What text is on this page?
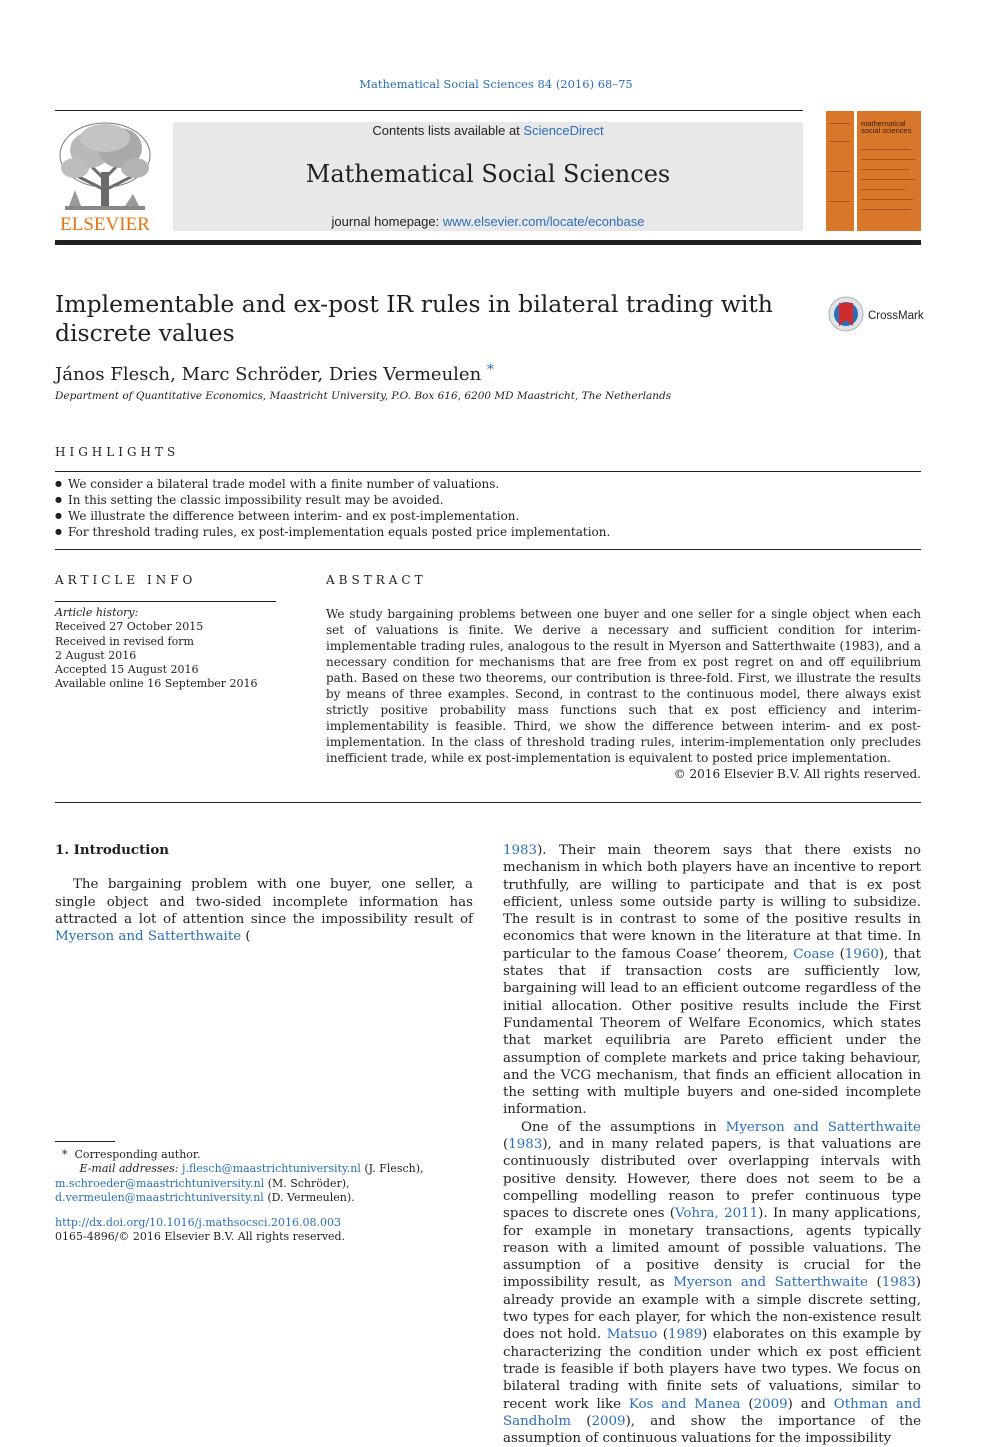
Mathematical Social Sciences 84 (2016) 68–75
ELSEVIER
Contents lists available at ScienceDirect
Mathematical Social Sciences
journal homepage: www.elsevier.com/locate/econbase
mathematical social sciences
Implementable and ex-post IR rules in bilateral trading with discrete values
CrossMark
János Flesch, Marc Schröder, Dries Vermeulen *
Department of Quantitative Economics, Maastricht University, P.O. Box 616, 6200 MD Maastricht, The Netherlands
HIGHLIGHTS
● We consider a bilateral trade model with a finite number of valuations.
● In this setting the classic impossibility result may be avoided.
● We illustrate the difference between interim- and ex post-implementation.
● For threshold trading rules, ex post-implementation equals posted price implementation.
ARTICLE INFO
Article history:
Received 27 October 2015
Received in revised form
2 August 2016
Accepted 15 August 2016
Available online 16 September 2016
ABSTRACT
We study bargaining problems between one buyer and one seller for a single object when each set of valuations is finite. We derive a necessary and sufficient condition for interim-implementable trading rules, analogous to the result in Myerson and Satterthwaite (1983), and a necessary condition for mechanisms that are free from ex post regret on and off equilibrium path. Based on these two theorems, our contribution is three-fold. First, we illustrate the results by means of three examples. Second, in contrast to the continuous model, there always exist strictly positive probability mass functions such that ex post efficiency and interim-implementability is feasible. Third, we show the difference between interim- and ex post-implementation. In the class of threshold trading rules, interim-implementation only precludes inefficient trade, while ex post-implementation is equivalent to posted price implementation.
© 2016 Elsevier B.V. All rights reserved.

1. Introduction

The bargaining problem with one buyer, one seller, a single object and two-sided incomplete information has attracted a lot of attention since the impossibility result of Myerson and Satterthwaite (

1983). Their main theorem says that there exists no mechanism in which both players have an incentive to report truthfully, are willing to participate and that is ex post efficient, unless some outside party is willing to subsidize. The result is in contrast to some of the positive results in economics that were known in the literature at that time. In particular to the famous Coase’ theorem, Coase (1960), that states that if transaction costs are sufficiently low, bargaining will lead to an efficient outcome regardless of the initial allocation. Other positive results include the First Fundamental Theorem of Welfare Economics, which states that market equilibria are Pareto efficient under the assumption of complete markets and price taking behaviour, and the VCG mechanism, that finds an efficient allocation in the setting with multiple buyers and one-sided incomplete information.

One of the assumptions in Myerson and Satterthwaite (1983), and in many related papers, is that valuations are continuously distributed over overlapping intervals with positive density. However, there does not seem to be a compelling modelling reason to prefer continuous type spaces to discrete ones (Vohra, 2011). In many applications, for example in monetary transactions, agents typically reason with a limited amount of possible valuations. The assumption of a positive density is crucial for the impossibility result, as Myerson and Satterthwaite (1983) already provide an example with a simple discrete setting, two types for each player, for which the non-existence result does not hold. Matsuo (1989) elaborates on this example by characterizing the condition under which ex post efficient trade is feasible if both players have two types. We focus on bilateral trading with finite sets of valuations, similar to recent work like Kos and Manea (2009) and Othman and Sandholm (2009), and show the importance of the assumption of continuous valuations for the impossibility

* Corresponding author.
E-mail addresses: j.flesch@maastrichtuniversity.nl (J. Flesch),
m.schroeder@maastrichtuniversity.nl (M. Schröder),
d.vermeulen@maastrichtuniversity.nl (D. Vermeulen).
http://dx.doi.org/10.1016/j.mathsocsci.2016.08.003
0165-4896/© 2016 Elsevier B.V. All rights reserved.
